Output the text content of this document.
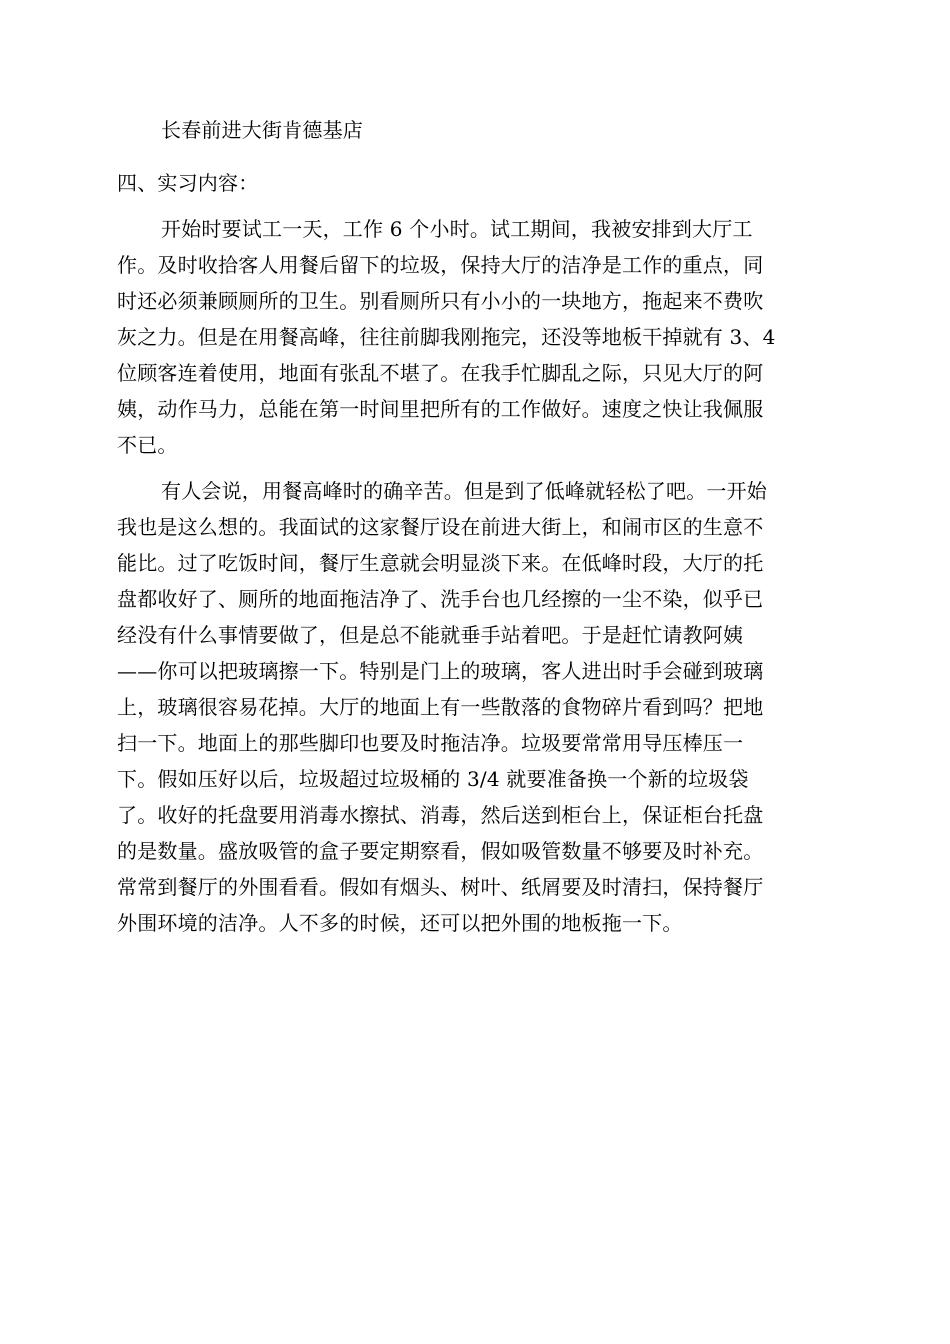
长春前进大街肯德基店
四、实习内容：
开始时要试工一天，工作 6 个小时。试工期间，我被安排到大厅工
作。及时收拾客人用餐后留下的垃圾，保持大厅的洁净是工作的重点，同
时还必须兼顾厕所的卫生。别看厕所只有小小的一块地方，拖起来不费吹
灰之力。但是在用餐高峰，往往前脚我刚拖完，还没等地板干掉就有 3、4
位顾客连着使用，地面有张乱不堪了。在我手忙脚乱之际，只见大厅的阿
姨，动作马力，总能在第一时间里把所有的工作做好。速度之快让我佩服
不已。
有人会说，用餐高峰时的确辛苦。但是到了低峰就轻松了吧。一开始
我也是这么想的。我面试的这家餐厅设在前进大街上，和闹市区的生意不
能比。过了吃饭时间，餐厅生意就会明显淡下来。在低峰时段，大厅的托
盘都收好了、厕所的地面拖洁净了、洗手台也几经擦的一尘不染，似乎已
经没有什么事情要做了，但是总不能就垂手站着吧。于是赶忙请教阿姨
——你可以把玻璃擦一下。特别是门上的玻璃，客人进出时手会碰到玻璃
上，玻璃很容易花掉。大厅的地面上有一些散落的食物碎片看到吗？把地
扫一下。地面上的那些脚印也要及时拖洁净。垃圾要常常用导压棒压一
下。假如压好以后，垃圾超过垃圾桶的 3/4 就要准备换一个新的垃圾袋
了。收好的托盘要用消毒水擦拭、消毒，然后送到柜台上，保证柜台托盘
的是数量。盛放吸管的盒子要定期察看，假如吸管数量不够要及时补充。
常常到餐厅的外围看看。假如有烟头、树叶、纸屑要及时清扫，保持餐厅
外围环境的洁净。人不多的时候，还可以把外围的地板拖一下。
